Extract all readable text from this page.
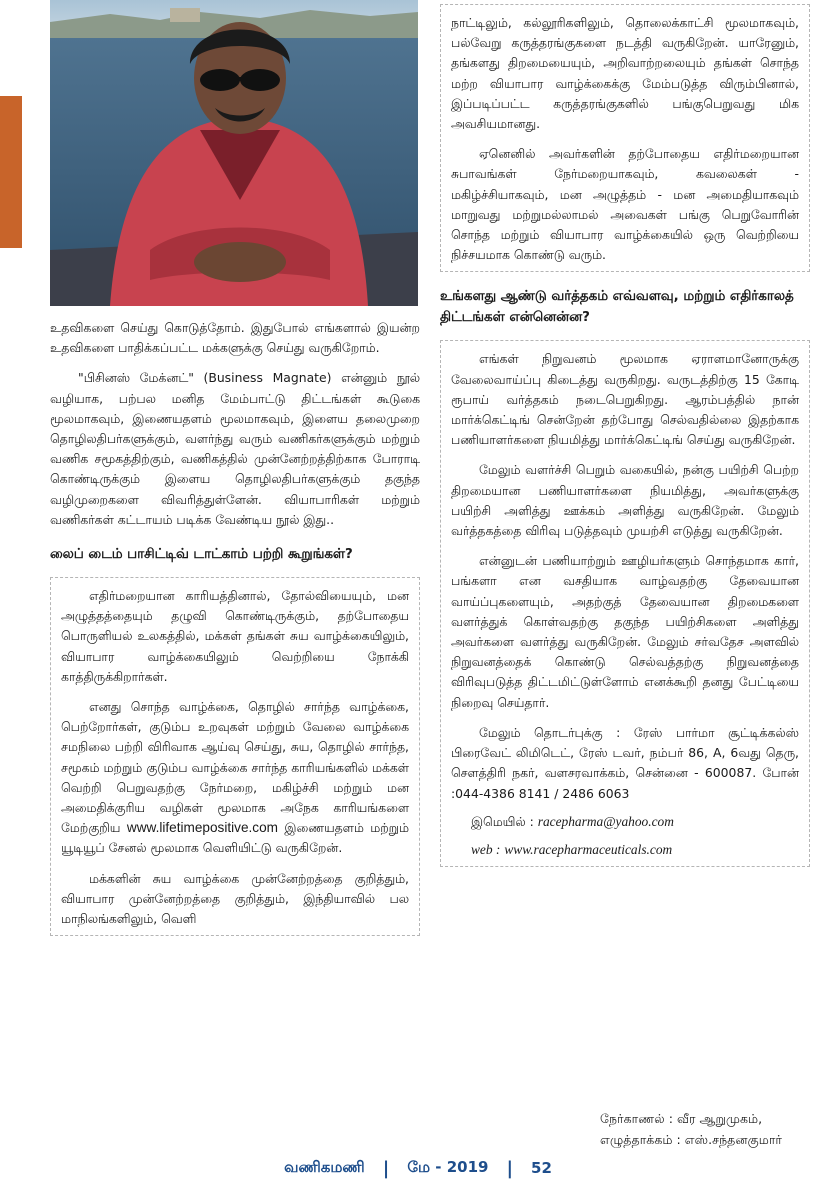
உதவிகளை செய்து கொடுத்தோம். இதுபோல் எங்களால் இயன்ற உதவிகளை பாதிக்கப்பட்ட மக்களுக்கு செய்து வருகிறோம்.

"பிசினஸ் மேக்னட்" (Business Magnate) என்னும் நூல் வழியாக, பற்பல மனித மேம்பாட்டு திட்டங்கள் கூடுகை மூலமாகவும், இணையதளம் மூலமாகவும், இளைய தலைமுறை தொழிலதிபர்களுக்கும், வளர்ந்து வரும் வணிகர்களுக்கும் மற்றும் வணிக சமூகத்திற்கும், வணிகத்தில் முன்னேற்றத்திற்காக போராடி கொண்டிருக்கும் இளைய தொழிலதிபர்களுக்கும் தகுந்த வழிமுறைகளை விவரித்துள்ளேன். வியாபாரிகள் மற்றும் வணிகர்கள் கட்டாயம் படிக்க வேண்டிய நூல் இது..

லைப் டைம் பாசிட்டிவ் டாட்காம் பற்றி கூறுங்கள்?

எதிர்மறையான காரியத்தினால், தோல்வியையும், மன அழுத்தத்தையும் தழுவி கொண்டிருக்கும், தற்போதைய பொருளியல் உலகத்தில், மக்கள் தங்கள் சுய வாழ்க்கையிலும், வியாபார வாழ்க்கையிலும் வெற்றியை நோக்கி காத்திருக்கிறார்கள்.

எனது சொந்த வாழ்க்கை, தொழில் சார்ந்த வாழ்க்கை, பெற்றோர்கள், குடும்ப உறவுகள் மற்றும் வேலை வாழ்க்கை சமநிலை பற்றி விரிவாக ஆய்வு செய்து, சுய, தொழில் சார்ந்த, சமூகம் மற்றும் குடும்ப வாழ்க்கை சார்ந்த காரியங்களில் மக்கள் வெற்றி பெறுவதற்கு நேர்மறை, மகிழ்ச்சி மற்றும் மன அமைதிக்குரிய வழிகள் மூலமாக அநேக காரியங்களை மேற்குறிய www.lifetimepositive.com இணையதளம் மற்றும் யூடியூப் சேனல் மூலமாக வெளியிட்டு வருகிறேன்.

மக்களின் சுய வாழ்க்கை முன்னேற்றத்தை குறித்தும், வியாபார முன்னேற்றத்தை குறித்தும், இந்தியாவில் பல மாநிலங்களிலும், வெளி

நாட்டிலும், கல்லூரிகளிலும், தொலைக்காட்சி மூலமாகவும், பல்வேறு கருத்தரங்குகளை நடத்தி வருகிறேன். யாரேனும், தங்களது திறமையையும், அறிவாற்றலையும் தங்கள் சொந்த மற்ற வியாபார வாழ்க்கைக்கு மேம்படுத்த விரும்பினால், இப்படிப்பட்ட கருத்தரங்குகளில் பங்குபெறுவது மிக அவசியமானது.

ஏனெனில் அவர்களின் தற்போதைய எதிர்மறையான சுபாவங்கள் நேர்மறையாகவும், கவலைகள் - மகிழ்ச்சியாகவும், மன அழுத்தம் - மன அமைதியாகவும் மாறுவது மற்றுமல்லாமல் அவைகள் பங்கு பெறுவோரின் சொந்த மற்றும் வியாபார வாழ்க்கையில் ஒரு வெற்றியை நிச்சயமாக கொண்டு வரும்.

உங்களது ஆண்டு வர்த்தகம் எவ்வளவு, மற்றும் எதிர்காலத் திட்டங்கள் என்னென்ன?

எங்கள் நிறுவனம் மூலமாக ஏராளமானோருக்கு வேலைவாய்ப்பு கிடைத்து வருகிறது. வருடத்திற்கு 15 கோடி ரூபாய் வர்த்தகம் நடைபெறுகிறது. ஆரம்பத்தில் நான் மார்க்கெட்டிங் சென்றேன் தற்போது செல்வதில்லை இதற்காக பணியாளர்களை நியமித்து மார்க்கெட்டிங் செய்து வருகிறேன்.

மேலும் வளர்ச்சி பெறும் வகையில், நன்கு பயிற்சி பெற்ற திறமையான பணியாளர்களை நியமித்து, அவர்களுக்கு பயிற்சி அளித்து ஊக்கம் அளித்து வருகிறேன். மேலும் வர்த்தகத்தை விரிவு படுத்தவும் முயற்சி எடுத்து வருகிறேன்.

என்னுடன் பணியாற்றும் ஊழியர்களும் சொந்தமாக கார், பங்களா என வசதியாக வாழ்வதற்கு தேவையான வாய்ப்புகளையும், அதற்குத் தேவையான திறமைகளை வளர்த்துக் கொள்வதற்கு தகுந்த பயிற்சிகளை அளித்து அவர்களை வளர்த்து வருகிறேன். மேலும் சர்வதேச அளவில் நிறுவனத்தைக் கொண்டு செல்வத்தற்கு நிறுவனத்தை விரிவுபடுத்த திட்டமிட்டுள்ளோம் எனக்கூறி தனது பேட்டியை நிறைவு செய்தார்.

மேலும் தொடர்புக்கு : ரேஸ் பார்மா சூட்டிக்கல்ஸ் பிரைவேட் லிமிடெட், ரேஸ் டவர், நம்பர் 86, A, 6வது தெரு, சௌத்திரி நகர், வளசரவாக்கம், சென்னை - 600087. போன் :044-4386 8141 / 2486 6063

இமெயில் : racepharma@yahoo.com
web : www.racepharmaceuticals.com
நேர்காணல் : வீர ஆறுமுகம்,
எழுத்தாக்கம் : எஸ்.சந்தனகுமார்
வணிகமணி | மே - 2019 | 52
